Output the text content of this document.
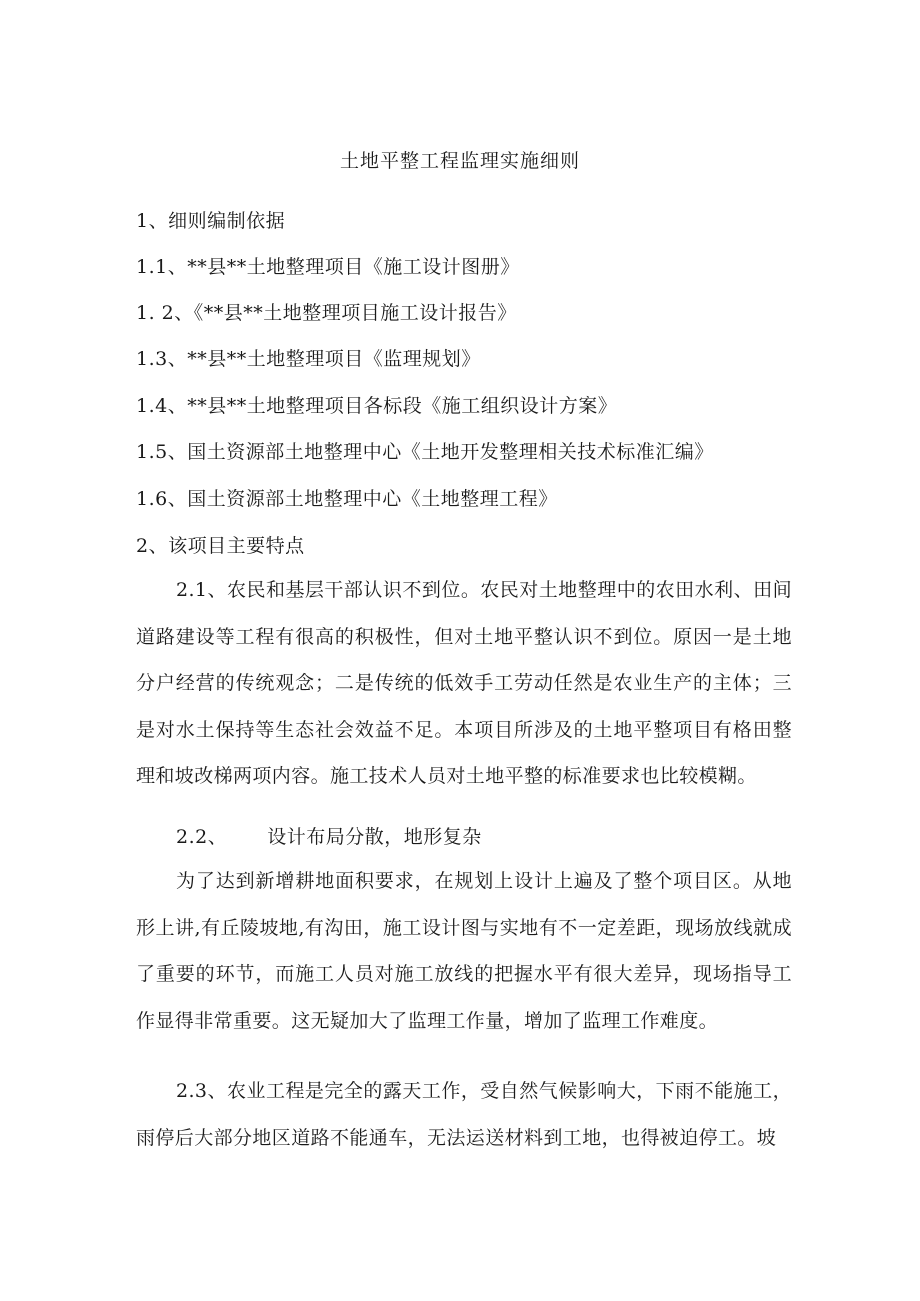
土地平整工程监理实施细则
1、细则编制依据
1.1、**县**土地整理项目《施工设计图册》
1. 2、《**县**土地整理项目施工设计报告》
1.3、**县**土地整理项目《监理规划》
1.4、**县**土地整理项目各标段《施工组织设计方案》
1.5、国土资源部土地整理中心《土地开发整理相关技术标准汇编》
1.6、国土资源部土地整理中心《土地整理工程》
2、该项目主要特点
2.1、农民和基层干部认识不到位。农民对土地整理中的农田水利、田间道路建设等工程有很高的积极性，但对土地平整认识不到位。原因一是土地分户经营的传统观念；二是传统的低效手工劳动任然是农业生产的主体；三是对水土保持等生态社会效益不足。本项目所涉及的土地平整项目有格田整理和坡改梯两项内容。施工技术人员对土地平整的标准要求也比较模糊。
2.2、 设计布局分散，地形复杂
为了达到新增耕地面积要求，在规划上设计上遍及了整个项目区。从地形上讲,有丘陵坡地,有沟田，施工设计图与实地有不一定差距，现场放线就成了重要的环节，而施工人员对施工放线的把握水平有很大差异，现场指导工作显得非常重要。这无疑加大了监理工作量，增加了监理工作难度。
2.3、农业工程是完全的露天工作，受自然气候影响大，下雨不能施工，雨停后大部分地区道路不能通车，无法运送材料到工地，也得被迫停工。坡
